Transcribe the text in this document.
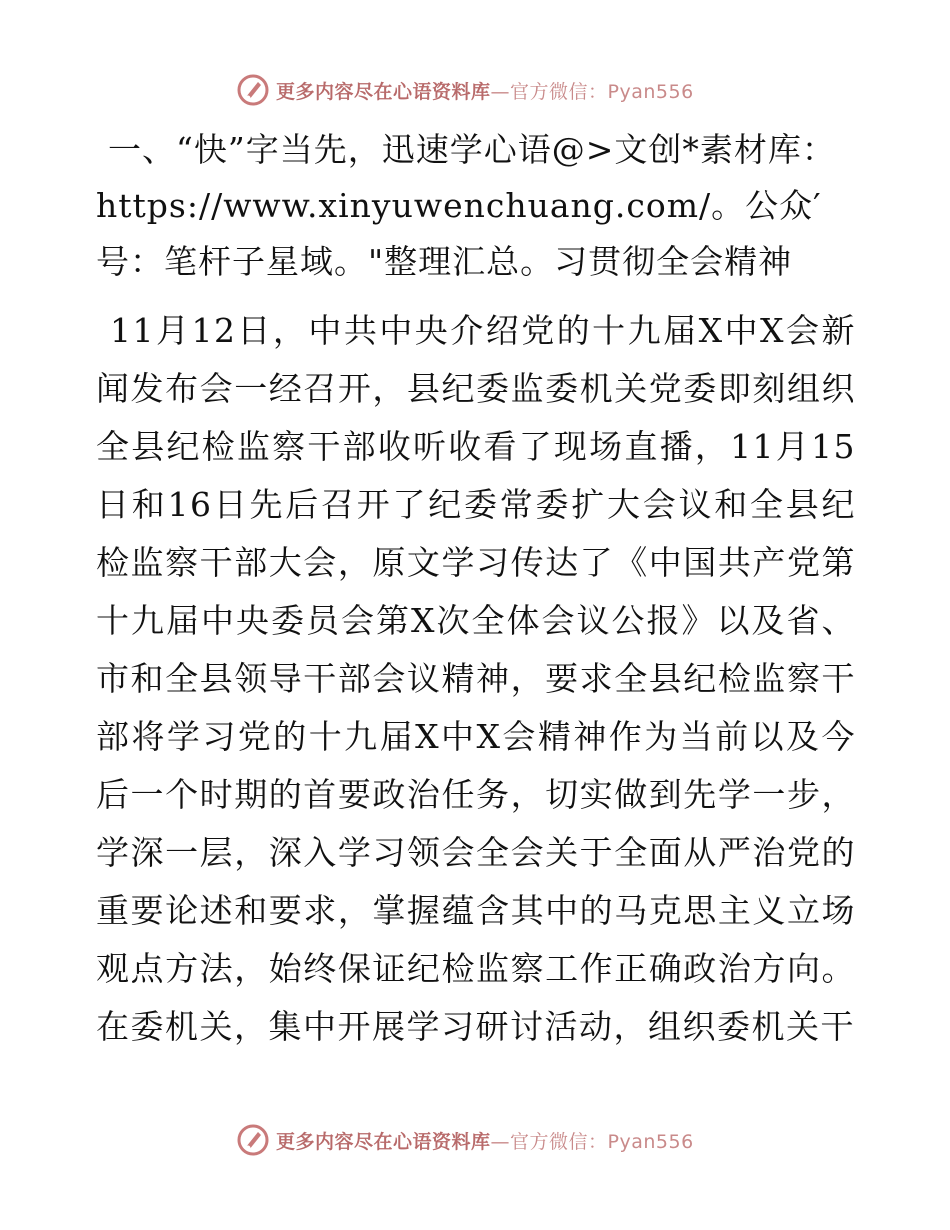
更多内容尽在心语资料库—官方微信：Pyan556

一、“快”字当先，迅速学心语@>文创*素材库：https://www.xinyuwenchuang.com/。公众′号：笔杆子星域。"整理汇总。习贯彻全会精神

11月12日，中共中央介绍党的十九届X中X会新闻发布会一经召开，县纪委监委机关党委即刻组织全县纪检监察干部收听收看了现场直播，11月15日和16日先后召开了纪委常委扩大会议和全县纪检监察干部大会，原文学习传达了《中国共产党第十九届中央委员会第X次全体会议公报》以及省、市和全县领导干部会议精神，要求全县纪检监察干部将学习党的十九届X中X会精神作为当前以及今后一个时期的首要政治任务，切实做到先学一步，学深一层，深入学习领会全会关于全面从严治党的重要论述和要求，掌握蕴含其中的马克思主义立场观点方法，始终保证纪检监察工作正确政治方向。在委机关，集中开展学习研讨活动，组织委机关干

更多内容尽在心语资料库—官方微信：Pyan556
